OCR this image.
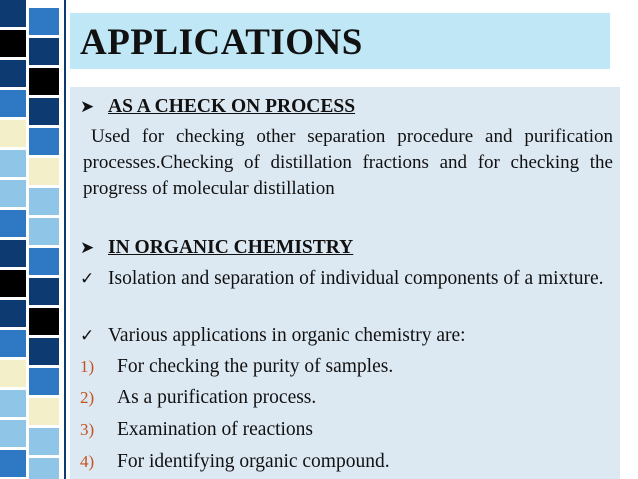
APPLICATIONS
➤ AS A CHECK ON PROCESS

Used for checking other separation procedure and purification processes.Checking of distillation fractions and for checking the progress of molecular distillation

➤ IN ORGANIC CHEMISTRY
✓ Isolation and separation of individual components of a mixture.
✓ Various applications in organic chemistry are:
1) For checking the purity of samples.
2) As a purification process.
3) Examination of reactions
4) For identifying organic compound.
